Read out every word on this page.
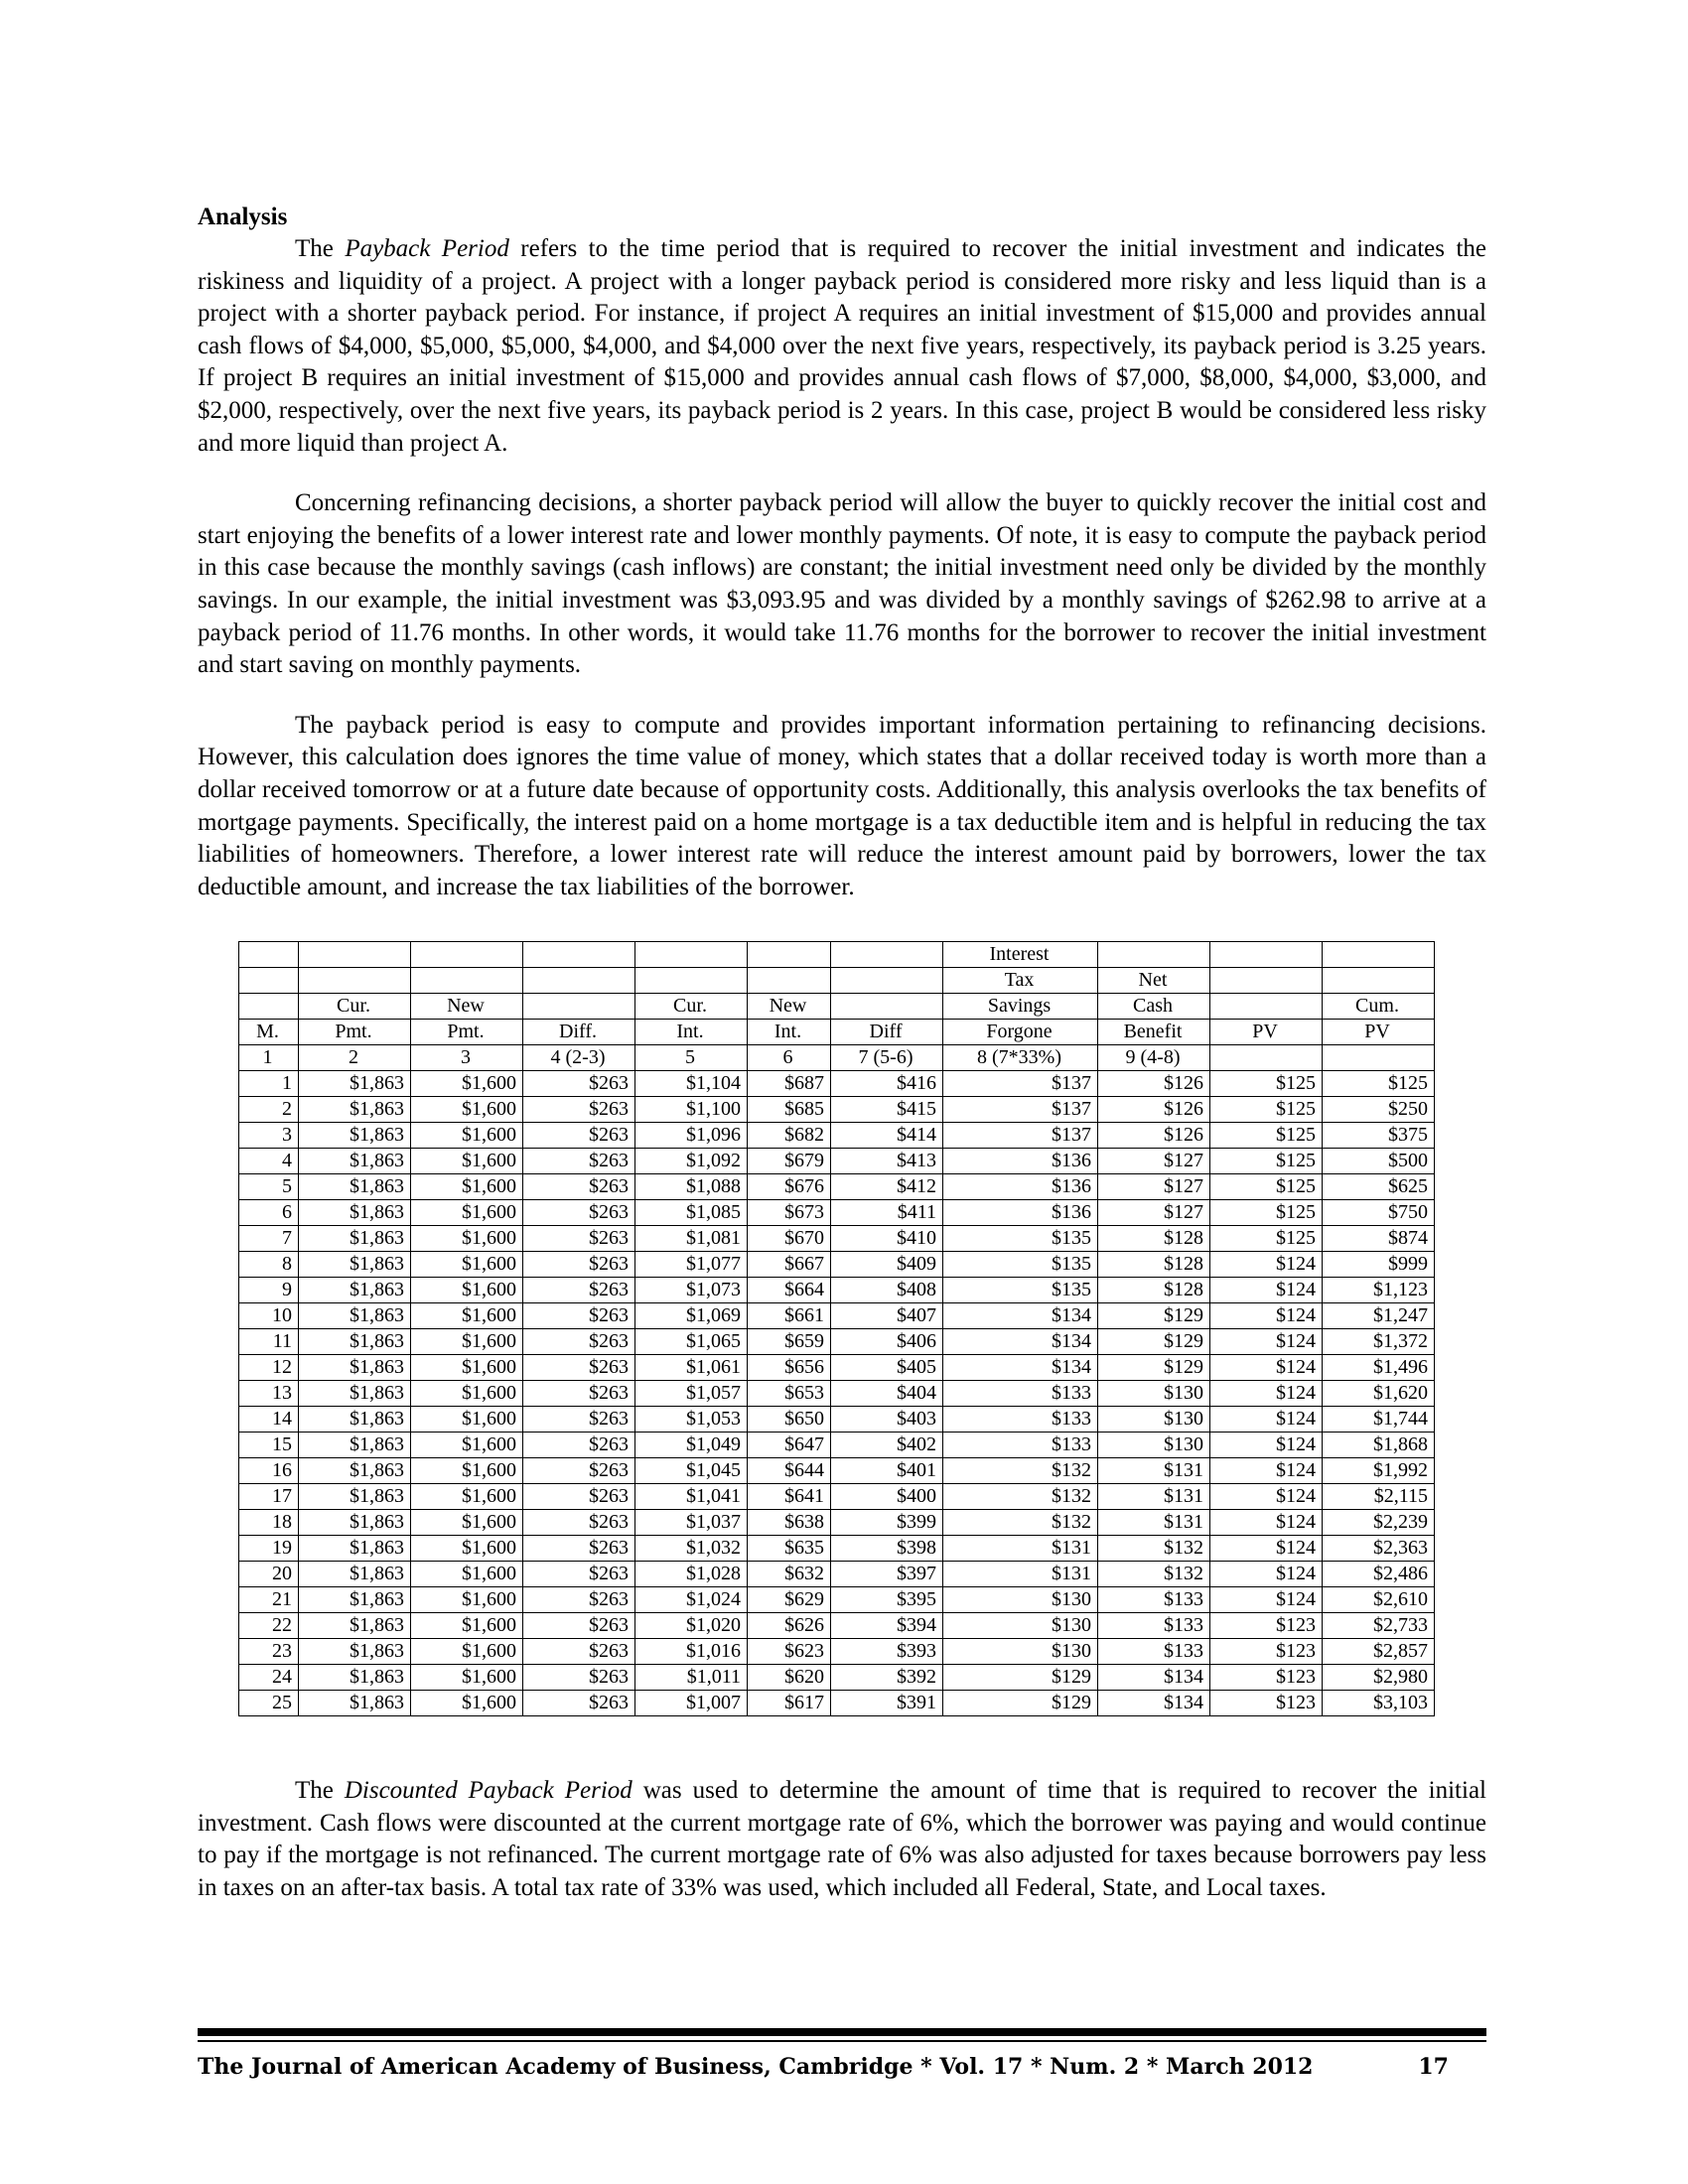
Analysis

The Payback Period refers to the time period that is required to recover the initial investment and indicates the riskiness and liquidity of a project. A project with a longer payback period is considered more risky and less liquid than is a project with a shorter payback period. For instance, if project A requires an initial investment of $15,000 and provides annual cash flows of $4,000, $5,000, $5,000, $4,000, and $4,000 over the next five years, respectively, its payback period is 3.25 years. If project B requires an initial investment of $15,000 and provides annual cash flows of $7,000, $8,000, $4,000, $3,000, and $2,000, respectively, over the next five years, its payback period is 2 years. In this case, project B would be considered less risky and more liquid than project A.

Concerning refinancing decisions, a shorter payback period will allow the buyer to quickly recover the initial cost and start enjoying the benefits of a lower interest rate and lower monthly payments. Of note, it is easy to compute the payback period in this case because the monthly savings (cash inflows) are constant; the initial investment need only be divided by the monthly savings. In our example, the initial investment was $3,093.95 and was divided by a monthly savings of $262.98 to arrive at a payback period of 11.76 months. In other words, it would take 11.76 months for the borrower to recover the initial investment and start saving on monthly payments.

The payback period is easy to compute and provides important information pertaining to refinancing decisions. However, this calculation does ignores the time value of money, which states that a dollar received today is worth more than a dollar received tomorrow or at a future date because of opportunity costs. Additionally, this analysis overlooks the tax benefits of mortgage payments. Specifically, the interest paid on a home mortgage is a tax deductible item and is helpful in reducing the tax liabilities of homeowners. Therefore, a lower interest rate will reduce the interest amount paid by borrowers, lower the tax deductible amount, and increase the tax liabilities of the borrower.

							Interest			
							Tax	Net		
	Cur.	New		Cur.	New		Savings	Cash		Cum.
M.	Pmt.	Pmt.	Diff.	Int.	Int.	Diff	Forgone	Benefit	PV	PV
1	2	3	4 (2-3)	5	6	7 (5-6)	8 (7*33%)	9 (4-8)		
1	$1,863	$1,600	$263	$1,104	$687	$416	$137	$126	$125	$125
2	$1,863	$1,600	$263	$1,100	$685	$415	$137	$126	$125	$250
3	$1,863	$1,600	$263	$1,096	$682	$414	$137	$126	$125	$375
4	$1,863	$1,600	$263	$1,092	$679	$413	$136	$127	$125	$500
5	$1,863	$1,600	$263	$1,088	$676	$412	$136	$127	$125	$625
6	$1,863	$1,600	$263	$1,085	$673	$411	$136	$127	$125	$750
7	$1,863	$1,600	$263	$1,081	$670	$410	$135	$128	$125	$874
8	$1,863	$1,600	$263	$1,077	$667	$409	$135	$128	$124	$999
9	$1,863	$1,600	$263	$1,073	$664	$408	$135	$128	$124	$1,123
10	$1,863	$1,600	$263	$1,069	$661	$407	$134	$129	$124	$1,247
11	$1,863	$1,600	$263	$1,065	$659	$406	$134	$129	$124	$1,372
12	$1,863	$1,600	$263	$1,061	$656	$405	$134	$129	$124	$1,496
13	$1,863	$1,600	$263	$1,057	$653	$404	$133	$130	$124	$1,620
14	$1,863	$1,600	$263	$1,053	$650	$403	$133	$130	$124	$1,744
15	$1,863	$1,600	$263	$1,049	$647	$402	$133	$130	$124	$1,868
16	$1,863	$1,600	$263	$1,045	$644	$401	$132	$131	$124	$1,992
17	$1,863	$1,600	$263	$1,041	$641	$400	$132	$131	$124	$2,115
18	$1,863	$1,600	$263	$1,037	$638	$399	$132	$131	$124	$2,239
19	$1,863	$1,600	$263	$1,032	$635	$398	$131	$132	$124	$2,363
20	$1,863	$1,600	$263	$1,028	$632	$397	$131	$132	$124	$2,486
21	$1,863	$1,600	$263	$1,024	$629	$395	$130	$133	$124	$2,610
22	$1,863	$1,600	$263	$1,020	$626	$394	$130	$133	$123	$2,733
23	$1,863	$1,600	$263	$1,016	$623	$393	$130	$133	$123	$2,857
24	$1,863	$1,600	$263	$1,011	$620	$392	$129	$134	$123	$2,980
25	$1,863	$1,600	$263	$1,007	$617	$391	$129	$134	$123	$3,103

The Discounted Payback Period was used to determine the amount of time that is required to recover the initial investment. Cash flows were discounted at the current mortgage rate of 6%, which the borrower was paying and would continue to pay if the mortgage is not refinanced. The current mortgage rate of 6% was also adjusted for taxes because borrowers pay less in taxes on an after-tax basis. A total tax rate of 33% was used, which included all Federal, State, and Local taxes.

The Journal of American Academy of Business, Cambridge * Vol. 17 * Num. 2 * March 2012	17
